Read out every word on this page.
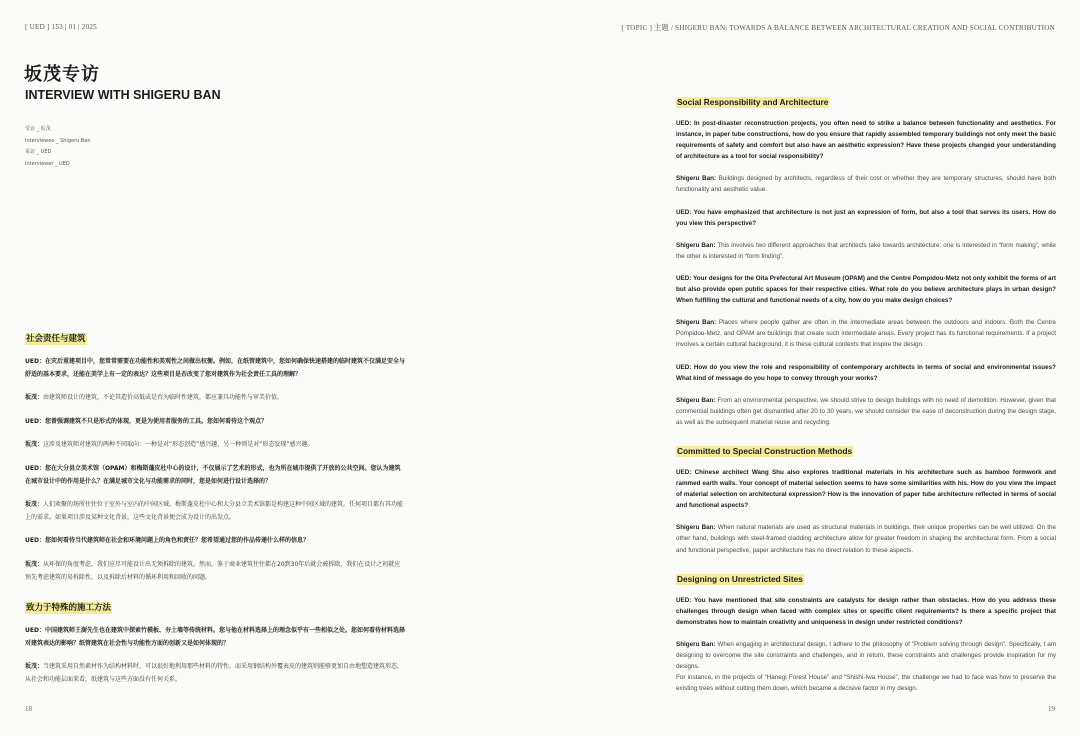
[ UED ] 153 | 01 | 2025
坂茂专访
INTERVIEW WITH SHIGERU BAN
受访 _ 坂茂
Interviewee _ Shigeru Ban
采访 _ UED
Interviewer _ UED
社会责任与建筑

UED：在灾后重建项目中，您常常需要在功能性和美观性之间做出权衡。例如，在纸管建筑中，您如何确保快速搭建的临时建筑不仅满足安全与舒适的基本要求，还能在美学上有一定的表达？这些项目是否改变了您对建筑作为社会责任工具的理解？

坂茂：由建筑师设计的建筑，不论其造价高低或是否为临时性建筑，都应兼具功能性与审美价值。

UED：您曾强调建筑不只是形式的体现，更是为使用者服务的工具。您如何看待这个观点？

坂茂：这涉及建筑师对建筑的两种不同取向：一种是对“形态创造”感兴趣，另一种则是对“形态发现”感兴趣。

UED：您在大分县立美术馆（OPAM）和梅斯蓬皮杜中心的设计，不仅展示了艺术的形式，也为所在城市提供了开放的公共空间。您认为建筑在城市设计中的作用是什么？在满足城市文化与功能需求的同时，您是如何进行设计选择的？

坂茂：人们欢聚的场所往往位于室外与室内的中间区域。梅斯蓬皮杜中心和大分县立美术馆都是构建这种中间区域的建筑。任何项目都有其功能上的需求。如果项目涉及某种文化背景，这些文化背景便会成为设计的出发点。

UED：您如何看待当代建筑师在社会和环境问题上的角色和责任？您希望通过您的作品传递什么样的信息？

坂茂：从环保的角度考虑，我们应尽可能设计出无须拆除的建筑。然而，鉴于商业建筑往往都在20到30年后就会被拆除，我们在设计之初就应预先考虑建筑的易拆除性，以及拆除后材料的循环利用和回收的问题。

致力于特殊的施工方法

UED：中国建筑师王澍先生也在建筑中探索竹模板、夯土墙等传统材料。您与他在材料选择上的理念似乎有一些相似之处。您如何看待材料选择对建筑表达的影响？纸管建筑在社会性与功能性方面的创新又是如何体现的？

坂茂：当建筑采用自然素材作为结构材料时，可以很好地利用那些材料的特性。而采用钢结构外覆表皮的建筑则能够更加自由地塑造建筑形态。从社会和功能层面来看，纸建筑与这些方面没有任何关系。

18
[ TOPIC ] 主题 / SHIGERU BAN: TOWARDS A BALANCE BETWEEN ARCHITECTURAL CREATION AND SOCIAL CONTRIBUTION
Social Responsibility and Architecture

UED: In post-disaster reconstruction projects, you often need to strike a balance between functionality and aesthetics. For instance, in paper tube constructions, how do you ensure that rapidly assembled temporary buildings not only meet the basic requirements of safety and comfort but also have an aesthetic expression? Have these projects changed your understanding of architecture as a tool for social responsibility?

Shigeru Ban: Buildings designed by architects, regardless of their cost or whether they are temporary structures, should have both functionality and aesthetic value.

UED: You have emphasized that architecture is not just an expression of form, but also a tool that serves its users. How do you view this perspective?

Shigeru Ban: This involves two different approaches that architects take towards architecture: one is interested in “form making”, while the other is interested in “form finding”.

UED: Your designs for the Oita Prefectural Art Museum (OPAM) and the Centre Pompidou-Metz not only exhibit the forms of art but also provide open public spaces for their respective cities. What role do you believe architecture plays in urban design? When fulfilling the cultural and functional needs of a city, how do you make design choices?

Shigeru Ban: Places where people gather are often in the intermediate areas between the outdoors and indoors. Both the Centre Pompidou-Metz, and OPAM are buildings that create such intermediate areas. Every project has its functional requirements. If a project involves a certain cultural background, it is these cultural contexts that inspire the design.

UED: How do you view the role and responsibility of contemporary architects in terms of social and environmental issues? What kind of message do you hope to convey through your works?

Shigeru Ban: From an environmental perspective, we should strive to design buildings with no need of demolition. However, given that commercial buildings often get dismantled after 20 to 30 years, we should consider the ease of deconstruction during the design stage, as well as the subsequent material reuse and recycling.

Committed to Special Construction Methods

UED: Chinese architect Wang Shu also explores traditional materials in his architecture such as bamboo formwork and rammed earth walls. Your concept of material selection seems to have some similarities with his. How do you view the impact of material selection on architectural expression? How is the innovation of paper tube architecture reflected in terms of social and functional aspects?

Shigeru Ban: When natural materials are used as structural materials in buildings, their unique properties can be well utilized. On the other hand, buildings with steel-framed cladding architecture allow for greater freedom in shaping the architectural form. From a social and functional perspective, paper architecture has no direct relation to these aspects.

Designing on Unrestricted Sites

UED: You have mentioned that site constraints are catalysts for design rather than obstacles. How do you address these challenges through design when faced with complex sites or specific client requirements? Is there a specific project that demonstrates how to maintain creativity and uniqueness in design under restricted conditions?

Shigeru Ban: When engaging in architectural design, I adhere to the philosophy of “Problem solving through design”. Specifically, I am designing to overcome the site constraints and challenges, and in return, these constraints and challenges provide inspiration for my designs.

For instance, in the projects of “Hanegi Forest House” and “Shishi-Iwa House”, the challenge we had to face was how to preserve the existing trees without cutting them down, which became a decisive factor in my design.

19
